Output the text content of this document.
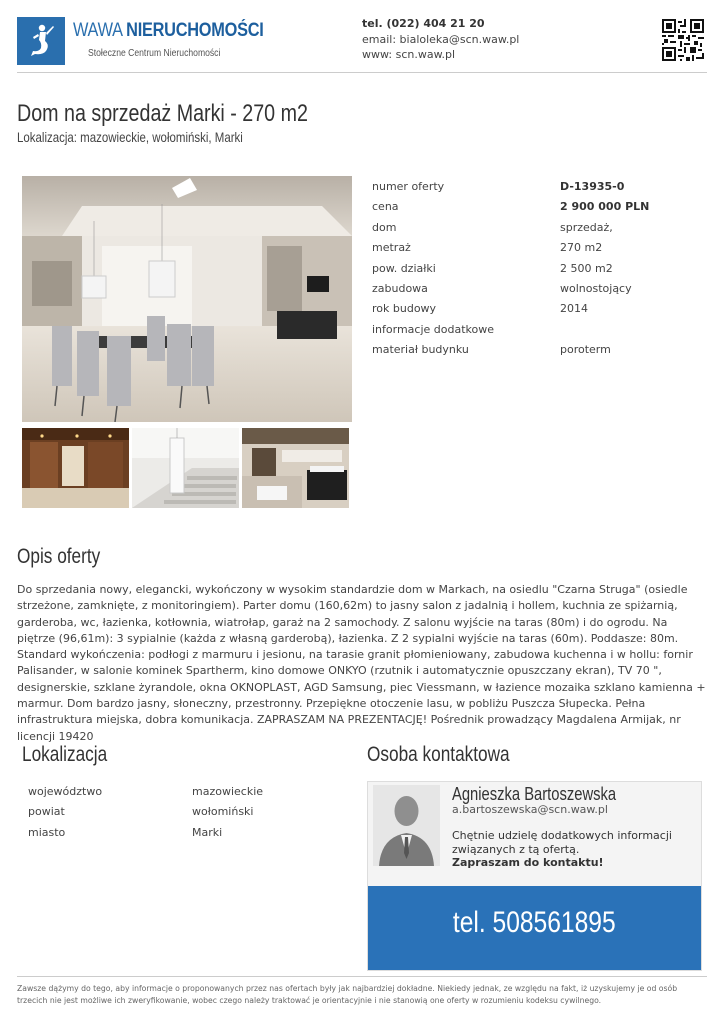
WAWA NIERUCHOMOŚCI
Stołeczne Centrum Nieruchomości
tel. (022) 404 21 20
email: bialoleka@scn.waw.pl
www: scn.waw.pl
Dom na sprzedaż Marki - 270 m2
Lokalizacja: mazowieckie, wołomiński, Marki
numer oferty	D-13935-0
cena	2 900 000 PLN
dom	sprzedaż,
metraż	270 m2
pow. działki	2 500 m2
zabudowa	wolnostojący
rok budowy	2014
informacje dodatkowe
materiał budynku	poroterm
Opis oferty
Do sprzedania nowy, elegancki, wykończony w wysokim standardzie dom w Markach, na osiedlu "Czarna Struga" (osiedle strzeżone, zamknięte, z monitoringiem). Parter domu (160,62m) to jasny salon z jadalnią i hollem, kuchnia ze spiżarnią, garderoba, wc, łazienka, kotłownia, wiatrołap, garaż na 2 samochody. Z salonu wyjście na taras (80m) i do ogrodu. Na piętrze (96,61m): 3 sypialnie (każda z własną garderobą), łazienka. Z 2 sypialni wyjście na taras (60m). Poddasze: 80m. Standard wykończenia: podłogi z marmuru i jesionu, na tarasie granit płomieniowany, zabudowa kuchenna i w hollu: fornir Palisander, w salonie kominek Spartherm, kino domowe ONKYO (rzutnik i automatycznie opuszczany ekran), TV 70 ", designerskie, szklane żyrandole, okna OKNOPLAST, AGD Samsung, piec Viessmann, w łazience mozaika szklano kamienna + marmur. Dom bardzo jasny, słoneczny, przestronny. Przepiękne otoczenie lasu, w pobliżu Puszcza Słupecka. Pełna infrastruktura miejska, dobra komunikacja. ZAPRASZAM NA PREZENTACJĘ! Pośrednik prowadzący Magdalena Armijak, nr licencji 19420
Lokalizacja
województwo	mazowieckie
powiat	wołomiński
miasto	Marki
Osoba kontaktowa
Agnieszka Bartoszewska
a.bartoszewska@scn.waw.pl
Chętnie udzielę dodatkowych informacji związanych z tą ofertą.
Zapraszam do kontaktu!
tel. 508561895
Zawsze dążymy do tego, aby informacje o proponowanych przez nas ofertach były jak najbardziej dokładne. Niekiedy jednak, ze względu na fakt, iż uzyskujemy je od osób trzecich nie jest możliwe ich zweryfikowanie, wobec czego należy traktować je orientacyjnie i nie stanowią one oferty w rozumieniu kodeksu cywilnego.
